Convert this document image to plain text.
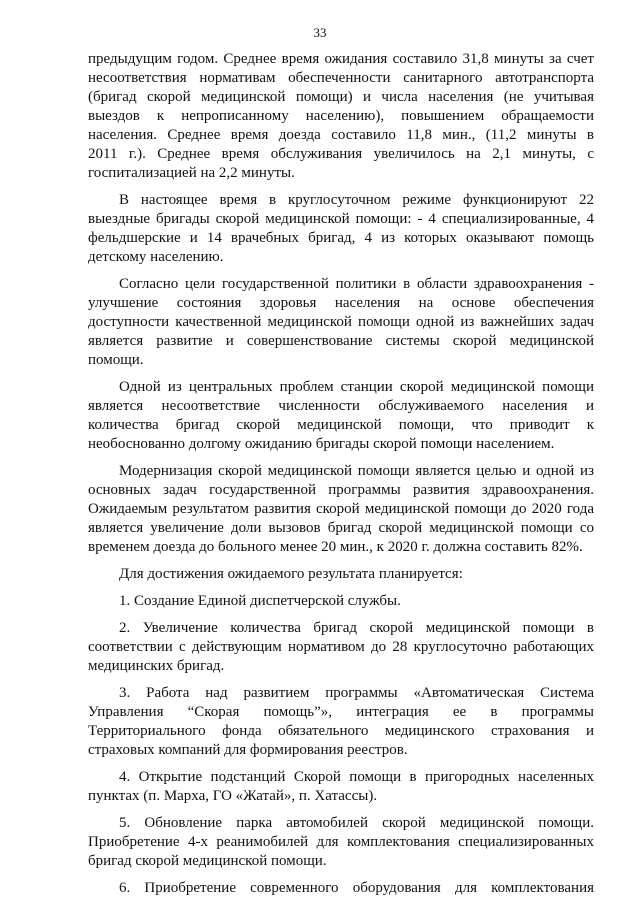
33
предыдущим годом. Среднее время ожидания составило 31,8 минуты за счет
несоответствия нормативам обеспеченности санитарного автотранспорта
(бригад скорой медицинской помощи) и числа населения (не учитывая
выездов к непрописанному населению), повышением обращаемости
населения. Среднее время доезда составило 11,8 мин., (11,2 минуты в
2011 г.). Среднее время обслуживания увеличилось на 2,1 минуты, с
госпитализацией на 2,2 минуты.
В настоящее время в круглосуточном режиме функционируют 22
выездные бригады скорой медицинской помощи: - 4 специализированные, 4
фельдшерские и 14 врачебных бригад, 4 из которых оказывают помощь
детскому населению.
Согласно цели государственной политики в области здравоохранения -
улучшение состояния здоровья населения на основе обеспечения
доступности качественной медицинской помощи одной из важнейших задач
является развитие и совершенствование системы скорой медицинской
помощи.
Одной из центральных проблем станции скорой медицинской помощи
является несоответствие численности обслуживаемого населения и
количества бригад скорой медицинской помощи, что приводит к
необоснованно долгому ожиданию бригады скорой помощи населением.
Модернизация скорой медицинской помощи является целью и одной из
основных задач государственной программы развития здравоохранения.
Ожидаемым результатом развития скорой медицинской помощи до 2020 года
является увеличение доли вызовов бригад скорой медицинской помощи со
временем доезда до больного менее 20 мин., к 2020 г. должна составить 82%.
Для достижения ожидаемого результата планируется:
1. Создание Единой диспетчерской службы.
2. Увеличение количества бригад скорой медицинской помощи в
соответствии с действующим нормативом до 28 круглосуточно работающих
медицинских бригад.
3. Работа над развитием программы «Автоматическая Система
Управления “Скорая помощь”», интеграция ее в программы
Территориального фонда обязательного медицинского страхования и
страховых компаний для формирования реестров.
4. Открытие подстанций Скорой помощи в пригородных населенных
пунктах (п. Марха, ГО «Жатай», п. Хатассы).
5. Обновление парка автомобилей скорой медицинской помощи.
Приобретение 4-х реанимобилей для комплектования специализированных
бригад скорой медицинской помощи.
6. Приобретение современного оборудования для комплектования
